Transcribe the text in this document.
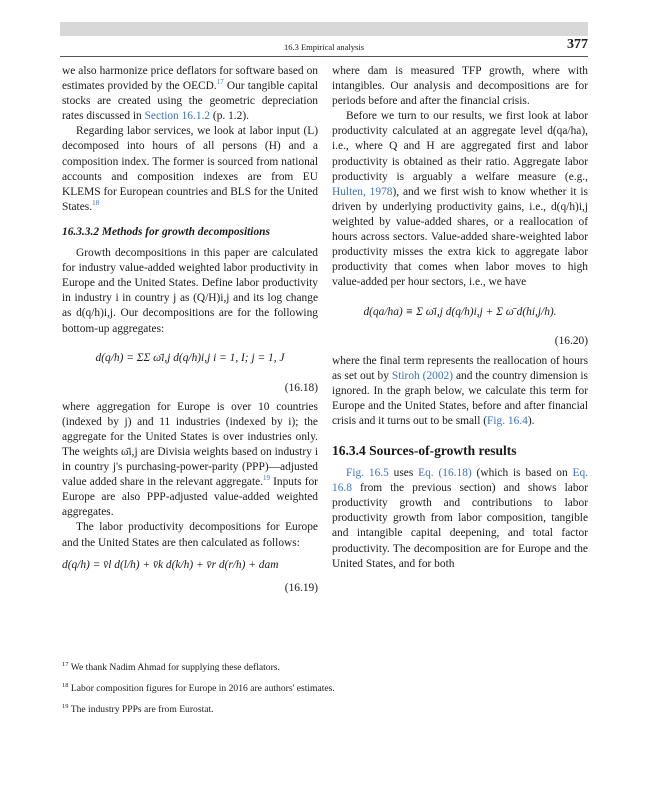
16.3 Empirical analysis	377

we also harmonize price deflators for software based on estimates provided by the OECD.$^{17}$ Our tangible capital stocks are created using the geometric depreciation rates discussed in Section 16.1.2 (p. 1.2).

Regarding labor services, we look at labor input (L) decomposed into hours of all persons (H) and a composition index. The former is sourced from national accounts and composition indexes are from EU KLEMS for European countries and BLS for the United States.$^{18}$

16.3.3.2 Methods for growth decompositions

Growth decompositions in this paper are calculated for industry value-added weighted labor productivity in Europe and the United States. Define labor productivity in industry i in country j as (Q/H)i,j and its log change as d(q/h)i,j. Our decompositions are for the following bottom-up aggregates:

d(q/h) = ΣΣ ω̄i,j d(q/h)i,j i = 1, I; j = 1, J
(16.18)

where aggregation for Europe is over 10 countries (indexed by j) and 11 industries (indexed by i); the aggregate for the United States is over industries only. The weights ω̄i,j are Divisia weights based on industry i in country j's purchasing-power-parity (PPP)—adjusted value added share in the relevant aggregate.$^{19}$ Inputs for Europe are also PPP-adjusted value-added weighted aggregates.

The labor productivity decompositions for Europe and the United States are then calculated as follows:

d(q/h) = v̄l d(l/h) + v̄k d(k/h) + v̄r d(r/h) + dam
(16.19)

where dam is measured TFP growth, where with intangibles. Our analysis and decompositions are for periods before and after the financial crisis.

Before we turn to our results, we first look at labor productivity calculated at an aggregate level d(qa/ha), i.e., where Q and H are aggregated first and labor productivity is obtained as their ratio. Aggregate labor productivity is arguably a welfare measure (e.g., Hulten, 1978), and we first wish to know whether it is driven by underlying productivity gains, i.e., d(q/h)i,j weighted by value-added shares, or a reallocation of hours across sectors. Value-added share-weighted labor productivity misses the extra kick to aggregate labor productivity that comes when labor moves to high value-added per hour sectors, i.e., we have

d(qa/ha) ≡ Σ ω̄i,j d(q/h)i,j + Σ ω̄ d(hi,j/h).
(16.20)

where the final term represents the reallocation of hours as set out by Stiroh (2002) and the country dimension is ignored. In the graph below, we calculate this term for Europe and the United States, before and after financial crisis and it turns out to be small (Fig. 16.4).

16.3.4 Sources-of-growth results

Fig. 16.5 uses Eq. (16.18) (which is based on Eq. 16.8 from the previous section) and shows labor productivity growth and contributions to labor productivity growth from labor composition, tangible and intangible capital deepening, and total factor productivity. The decomposition are for Europe and the United States, and for both

$^{17}$ We thank Nadim Ahmad for supplying these deflators.
$^{18}$ Labor composition figures for Europe in 2016 are authors' estimates.
$^{19}$ The industry PPPs are from Eurostat.
